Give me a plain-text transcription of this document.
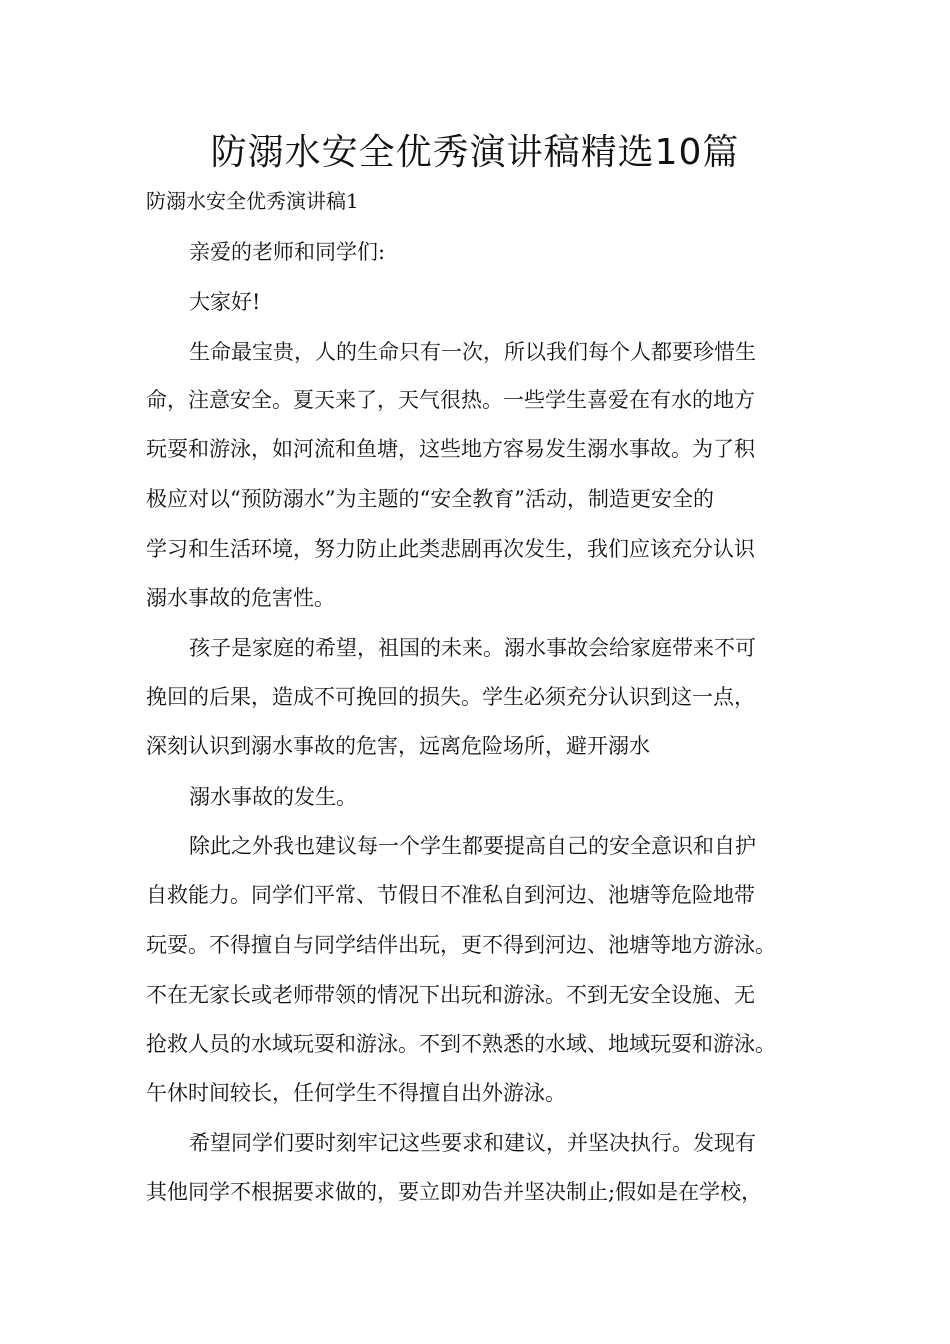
防溺水安全优秀演讲稿精选10篇

防溺水安全优秀演讲稿1

亲爱的老师和同学们:

大家好!

生命最宝贵，人的生命只有一次，所以我们每个人都要珍惜生

命，注意安全。夏天来了，天气很热。一些学生喜爱在有水的地方

玩耍和游泳，如河流和鱼塘，这些地方容易发生溺水事故。为了积

极应对以“预防溺水”为主题的“安全教育”活动，制造更安全的

学习和生活环境，努力防止此类悲剧再次发生，我们应该充分认识

溺水事故的危害性。

孩子是家庭的希望，祖国的未来。溺水事故会给家庭带来不可

挽回的后果，造成不可挽回的损失。学生必须充分认识到这一点，

深刻认识到溺水事故的危害，远离危险场所，避开溺水

溺水事故的发生。

除此之外我也建议每一个学生都要提高自己的安全意识和自护

自救能力。同学们平常、节假日不准私自到河边、池塘等危险地带

玩耍。不得擅自与同学结伴出玩，更不得到河边、池塘等地方游泳。

不在无家长或老师带领的情况下出玩和游泳。不到无安全设施、无

抢救人员的水域玩耍和游泳。不到不熟悉的水域、地域玩耍和游泳。

午休时间较长，任何学生不得擅自出外游泳。

希望同学们要时刻牢记这些要求和建议，并坚决执行。发现有

其他同学不根据要求做的，要立即劝告并坚决制止;假如是在学校，
